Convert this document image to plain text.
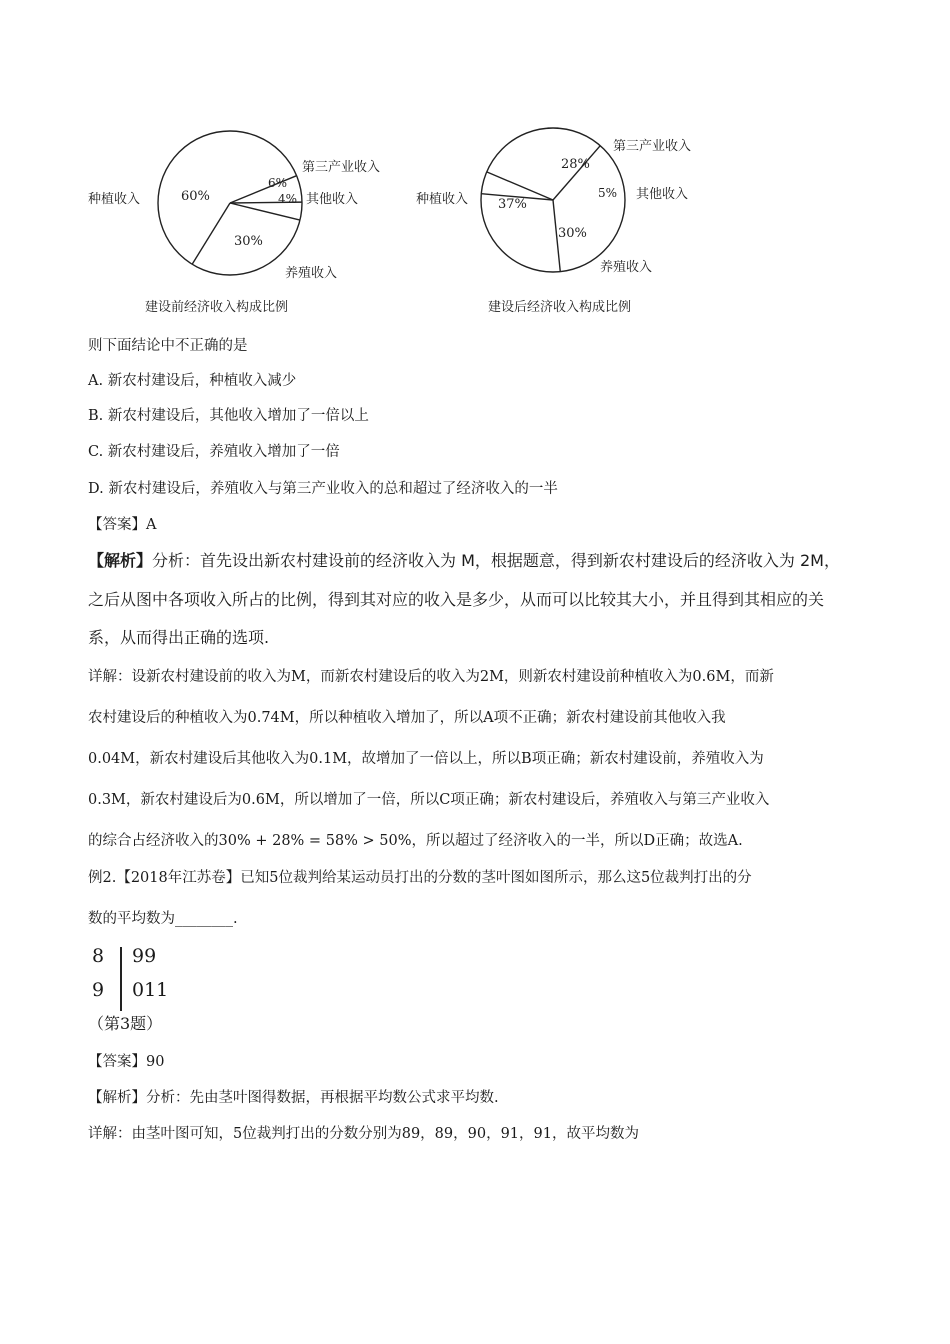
60%
6%
4%
30%
种植收入
第三产业收入
其他收入
养殖收入
建设前经济收入构成比例
37%
28%
5%
30%
种植收入
第三产业收入
其他收入
养殖收入
建设后经济收入构成比例
则下面结论中不正确的是
A. 新农村建设后，种植收入减少
B. 新农村建设后，其他收入增加了一倍以上
C. 新农村建设后，养殖收入增加了一倍
D. 新农村建设后，养殖收入与第三产业收入的总和超过了经济收入的一半
【答案】A
【解析】分析：首先设出新农村建设前的经济收入为 M，根据题意，得到新农村建设后的经济收入为 2M，
之后从图中各项收入所占的比例，得到其对应的收入是多少，从而可以比较其大小，并且得到其相应的关
系，从而得出正确的选项.
详解：设新农村建设前的收入为M，而新农村建设后的收入为2M，则新农村建设前种植收入为0.6M，而新
农村建设后的种植收入为0.74M，所以种植收入增加了，所以A项不正确；新农村建设前其他收入我
0.04M，新农村建设后其他收入为0.1M，故增加了一倍以上，所以B项正确；新农村建设前，养殖收入为
0.3M，新农村建设后为0.6M，所以增加了一倍，所以C项正确；新农村建设后，养殖收入与第三产业收入
的综合占经济收入的30% + 28% = 58% > 50%，所以超过了经济收入的一半，所以D正确；故选A.
例2.【2018年江苏卷】已知5位裁判给某运动员打出的分数的茎叶图如图所示，那么这5位裁判打出的分
数的平均数为________.
8 99
9 011
（第3题）
【答案】90
【解析】分析：先由茎叶图得数据，再根据平均数公式求平均数.
详解：由茎叶图可知，5位裁判打出的分数分别为89，89，90，91，91，故平均数为
